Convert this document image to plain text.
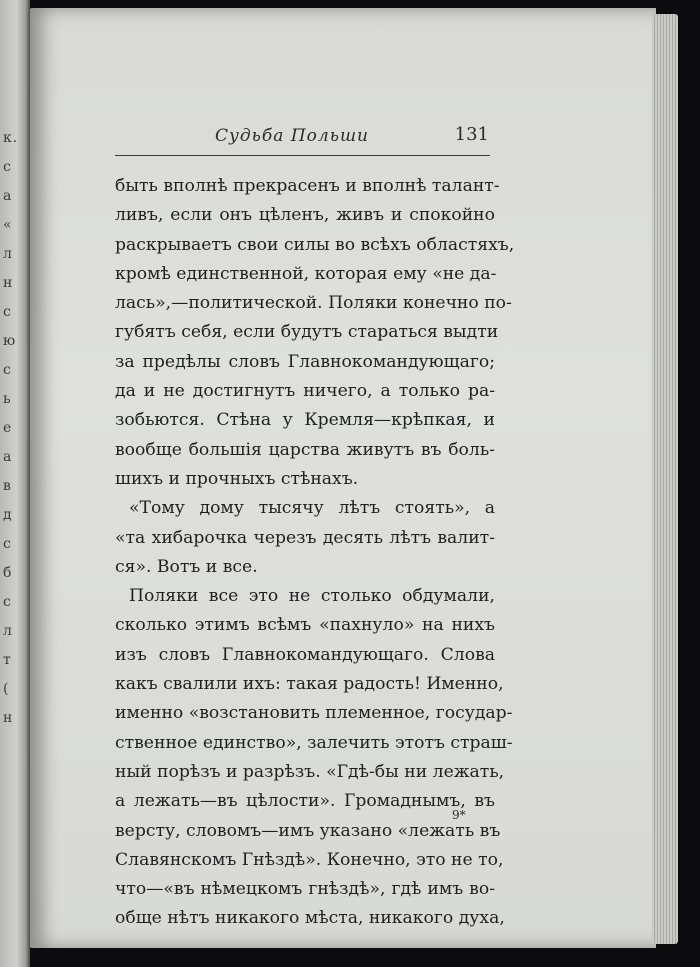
к.
с
а
«
л
н
с
ю
с
ь
е
а
в
д
с
б
с
л
т
(
н
Судьба Польши	131
быть вполнѣ прекрасенъ и вполнѣ талант-
ливъ, если онъ цѣленъ, живъ и спокойно
раскрываетъ свои силы во всѣхъ областяхъ,
кромѣ единственной, которая ему «не да-
лась»,—политической. Поляки конечно по-
губятъ себя, если будутъ стараться выдти
за предѣлы словъ Главнокомандующаго;
да и не достигнутъ ничего, а только ра-
зобьются. Стѣна у Кремля—крѣпкая, и
вообще большія царства живутъ въ боль-
шихъ и прочныхъ стѣнахъ.
«Тому дому тысячу лѣтъ стоять», а
«та хибарочка черезъ десять лѣтъ валит-
ся». Вотъ и все.
Поляки все это не столько обдумали,
сколько этимъ всѣмъ «пахнуло» на нихъ
изъ словъ Главнокомандующаго. Слова
какъ свалили ихъ: такая радость! Именно,
именно «возстановить племенное, государ-
ственное единство», залечить этотъ страш-
ный порѣзъ и разрѣзъ. «Гдѣ-бы ни лежать,
а лежать—въ цѣлости». Громаднымъ, въ
версту, словомъ—имъ указано «лежать въ
Славянскомъ Гнѣздѣ». Конечно, это не то,
что—«въ нѣмецкомъ гнѣздѣ», гдѣ имъ во-
обще нѣтъ никакого мѣста, никакого духа,
9*
